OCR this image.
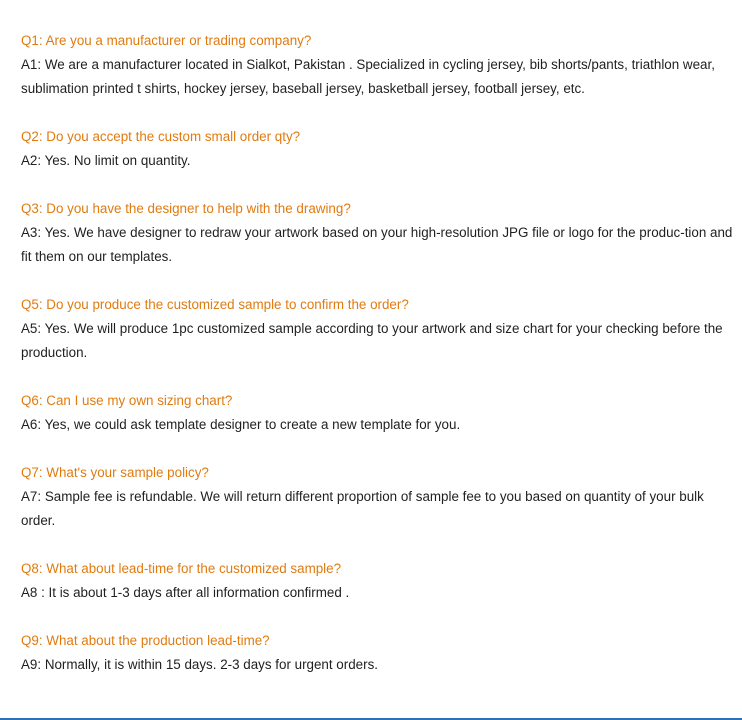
Q1: Are you a manufacturer or trading company?
A1: We are a manufacturer located in Sialkot, Pakistan . Specialized in cycling jersey, bib shorts/pants, triathlon wear, sublimation printed t shirts, hockey jersey, baseball jersey, basketball jersey, football jersey, etc.
Q2: Do you accept the custom small order qty?
A2: Yes. No limit on quantity.
Q3: Do you have the designer to help with the drawing?
A3: Yes. We have designer to redraw your artwork based on your high-resolution JPG file or logo for the produc-tion and fit them on our templates.
Q5: Do you produce the customized sample to confirm the order?
A5: Yes. We will produce 1pc customized sample according to your artwork and size chart for your checking before the production.
Q6: Can I use my own sizing chart?
A6: Yes, we could ask template designer to create a new template for you.
Q7: What's your sample policy?
A7: Sample fee is refundable. We will return different proportion of sample fee to you based on quantity of your bulk order.
Q8: What about lead-time for the customized sample?
A8 : It is about 1-3 days after all information confirmed .
Q9: What about the production lead-time?
A9: Normally, it is within 15 days. 2-3 days for urgent orders.
